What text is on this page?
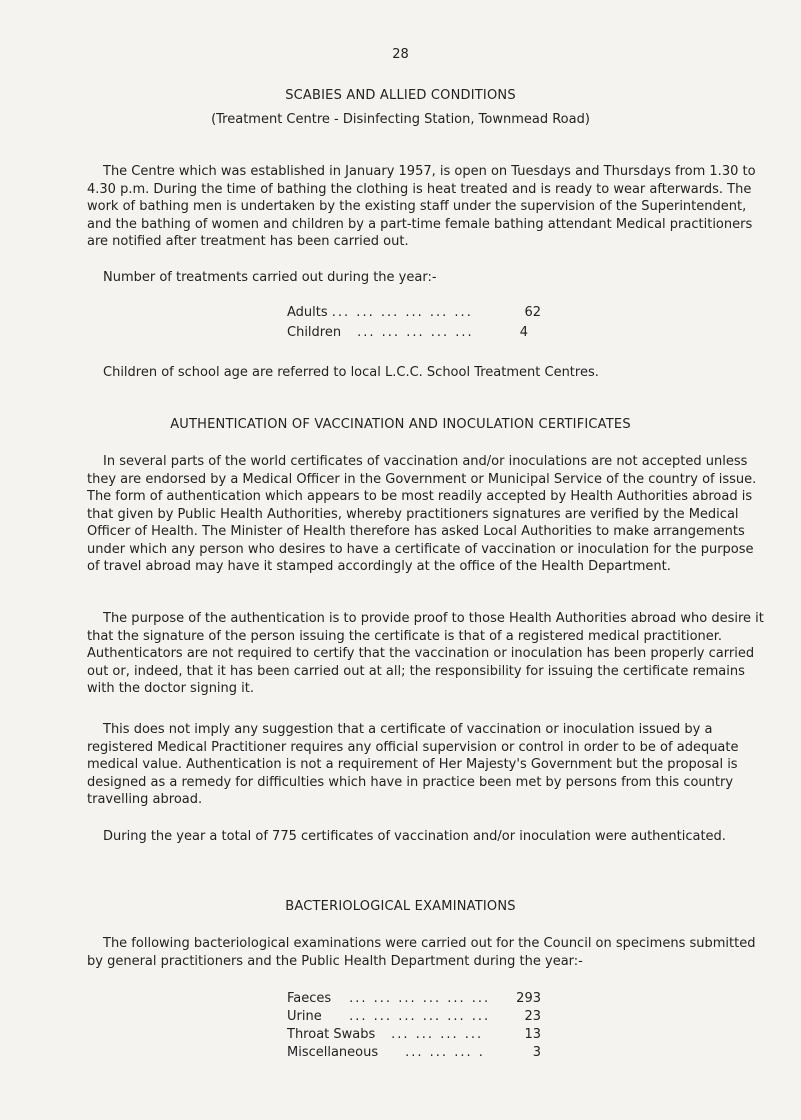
28
SCABIES AND ALLIED CONDITIONS
(Treatment Centre - Disinfecting Station, Townmead Road)
The Centre which was established in January 1957, is open on Tuesdays and Thursdays from 1.30 to 4.30 p.m. During the time of bathing the clothing is heat treated and is ready to wear afterwards. The work of bathing men is undertaken by the existing staff under the supervision of the Superintendent, and the bathing of women and children by a part-time female bathing attendant Medical practitioners are notified after treatment has been carried out.
Number of treatments carried out during the year:-
Adults ... ... ... ... ... ...	62
Children ... ... ... ... ...	4
Children of school age are referred to local L.C.C. School Treatment Centres.
AUTHENTICATION OF VACCINATION AND INOCULATION CERTIFICATES
In several parts of the world certificates of vaccination and/or inoculations are not accepted unless they are endorsed by a Medical Officer in the Government or Municipal Service of the country of issue. The form of authentication which appears to be most readily accepted by Health Authorities abroad is that given by Public Health Authorities, whereby practitioners signatures are verified by the Medical Officer of Health. The Minister of Health therefore has asked Local Authorities to make arrangements under which any person who desires to have a certificate of vaccination or inoculation for the purpose of travel abroad may have it stamped accordingly at the office of the Health Department.
The purpose of the authentication is to provide proof to those Health Authorities abroad who desire it that the signature of the person issuing the certificate is that of a registered medical practitioner. Authenticators are not required to certify that the vaccination or inoculation has been properly carried out or, indeed, that it has been carried out at all; the responsibility for issuing the certificate remains with the doctor signing it.
This does not imply any suggestion that a certificate of vaccination or inoculation issued by a registered Medical Practitioner requires any official supervision or control in order to be of adequate medical value. Authentication is not a requirement of Her Majesty's Government but the proposal is designed as a remedy for difficulties which have in practice been met by persons from this country travelling abroad.
During the year a total of 775 certificates of vaccination and/or inoculation were authenticated.
BACTERIOLOGICAL EXAMINATIONS
The following bacteriological examinations were carried out for the Council on specimens submitted by general practitioners and the Public Health Department during the year:-
Faeces ... ... ... ... ... ... 293
Urine ... ... ... ... ... ...	23
Throat Swabs ... ... ... ...	13
Miscellaneous ... ... ... .	3
